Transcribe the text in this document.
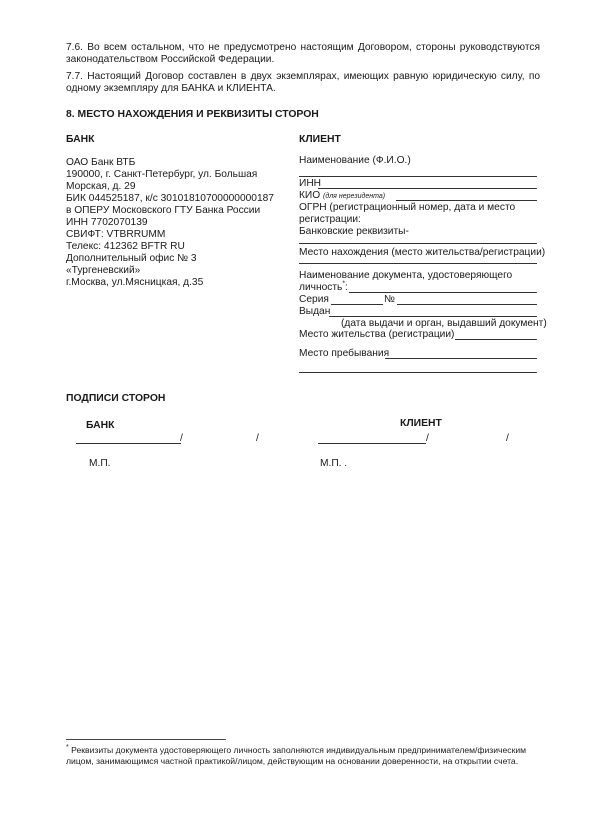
7.6. Во всем остальном, что не предусмотрено настоящим Договором, стороны руководствуются законодательством Российской Федерации.
7.7. Настоящий Договор составлен в двух экземплярах, имеющих равную юридическую силу, по одному экземпляру для БАНКА и КЛИЕНТА.
8. МЕСТО НАХОЖДЕНИЯ И РЕКВИЗИТЫ СТОРОН
БАНК
ОАО Банк ВТБ
190000, г. Санкт-Петербург, ул. Большая
Морская, д. 29
БИК 044525187, к/с 30101810700000000187
в ОПЕРУ Московского ГТУ Банка России
ИНН 7702070139
СВИФТ: VTBRRUMM
Телекс: 412362 BFTR RU
Дополнительный офис № 3
«Тургеневский»
г.Москва, ул.Мясницкая, д.35
КЛИЕНТ
Наименование (Ф.И.О.)
ИНН
КИО (для нерезидента)
ОГРН (регистрационный номер, дата и место
регистрации:
Банковские реквизиты-
Место нахождения (место жительства/регистрации)
Наименование документа, удостоверяющего
личность*:
Серия	№
Выдан
(дата выдачи и орган, выдавший документ)
Место жительства (регистрации)
Место пребывания
ПОДПИСИ СТОРОН
БАНК
/	/
М.П.
КЛИЕНТ
/	/
М.П. .
* Реквизиты документа удостоверяющего личность заполняются индивидуальным предпринимателем/физическим лицом, занимающимся частной практикой/лицом, действующим на основании доверенности, на открытии счета.
